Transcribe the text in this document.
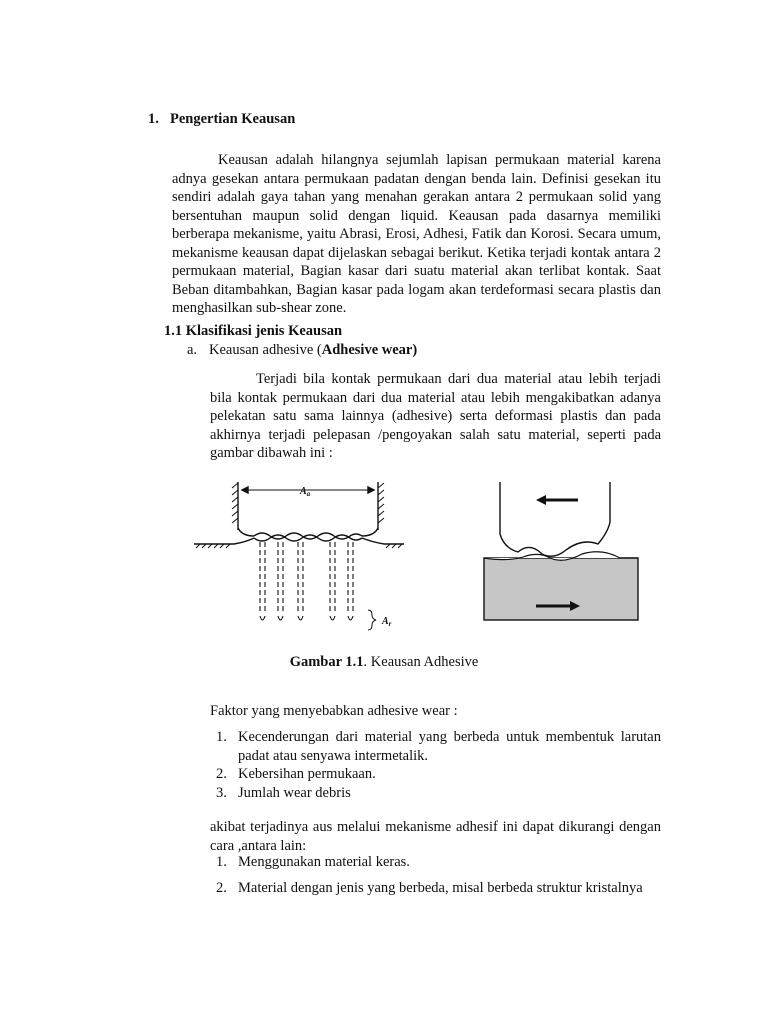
1. Pengertian Keausan

Keausan adalah hilangnya sejumlah lapisan permukaan material karena adnya gesekan antara permukaan padatan dengan benda lain. Definisi gesekan itu sendiri adalah gaya tahan yang menahan gerakan antara 2 permukaan solid yang bersentuhan maupun solid dengan liquid. Keausan pada dasarnya memiliki berberapa mekanisme, yaitu Abrasi, Erosi, Adhesi, Fatik dan Korosi. Secara umum, mekanisme keausan dapat dijelaskan sebagai berikut. Ketika terjadi kontak antara 2 permukaan material, Bagian kasar dari suatu material akan terlibat kontak. Saat Beban ditambahkan, Bagian kasar pada logam akan terdeformasi secara plastis dan menghasilkan sub-shear zone.

1.1 Klasifikasi jenis Keausan
a. Keausan adhesive (Adhesive wear)

Terjadi bila kontak permukaan dari dua material atau lebih terjadi bila kontak permukaan dari dua material atau lebih mengakibatkan adanya pelekatan satu sama lainnya (adhesive) serta deformasi plastis dan pada akhirnya terjadi pelepasan /pengoyakan salah satu material, seperti pada gambar dibawah ini :

$A_a$
$A_r$
Gambar 1.1. Keausan Adhesive

Faktor yang menyebabkan adhesive wear :

1. Kecenderungan dari material yang berbeda untuk membentuk larutan padat atau senyawa intermetalik.
2. Kebersihan permukaan.
3. Jumlah wear debris

akibat terjadinya aus melalui mekanisme adhesif ini dapat dikurangi dengan cara ,antara lain:

1. Menggunakan material keras.
2. Material dengan jenis yang berbeda, misal berbeda struktur kristalnya
